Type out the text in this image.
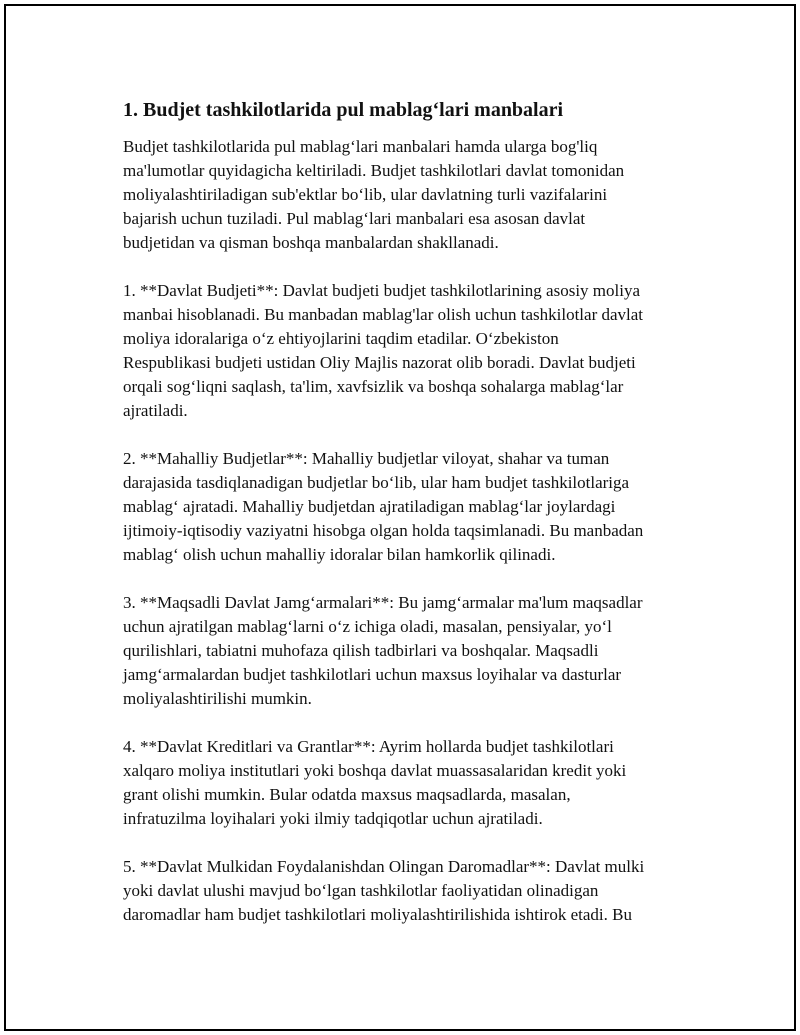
1. Budjet tashkilotlarida pul mablag‘lari manbalari

Budjet tashkilotlarida pul mablag‘lari manbalari hamda ularga bog'liq
ma'lumotlar quyidagicha keltiriladi. Budjet tashkilotlari davlat tomonidan
moliyalashtiriladigan sub'ektlar bo‘lib, ular davlatning turli vazifalarini
bajarish uchun tuziladi. Pul mablag‘lari manbalari esa asosan davlat
budjetidan va qisman boshqa manbalardan shakllanadi.

1. **Davlat Budjeti**: Davlat budjeti budjet tashkilotlarining asosiy moliya
manbai hisoblanadi. Bu manbadan mablag'lar olish uchun tashkilotlar davlat
moliya idoralariga o‘z ehtiyojlarini taqdim etadilar. O‘zbekiston
Respublikasi budjeti ustidan Oliy Majlis nazorat olib boradi. Davlat budjeti
orqali sog‘liqni saqlash, ta'lim, xavfsizlik va boshqa sohalarga mablag‘lar
ajratiladi.

2. **Mahalliy Budjetlar**: Mahalliy budjetlar viloyat, shahar va tuman
darajasida tasdiqlanadigan budjetlar bo‘lib, ular ham budjet tashkilotlariga
mablag‘ ajratadi. Mahalliy budjetdan ajratiladigan mablag‘lar joylardagi
ijtimoiy-iqtisodiy vaziyatni hisobga olgan holda taqsimlanadi. Bu manbadan
mablag‘ olish uchun mahalliy idoralar bilan hamkorlik qilinadi.

3. **Maqsadli Davlat Jamg‘armalari**: Bu jamg‘armalar ma'lum maqsadlar
uchun ajratilgan mablag‘larni o‘z ichiga oladi, masalan, pensiyalar, yo‘l
qurilishlari, tabiatni muhofaza qilish tadbirlari va boshqalar. Maqsadli
jamg‘armalardan budjet tashkilotlari uchun maxsus loyihalar va dasturlar
moliyalashtirilishi mumkin.

4. **Davlat Kreditlari va Grantlar**: Ayrim hollarda budjet tashkilotlari
xalqaro moliya institutlari yoki boshqa davlat muassasalaridan kredit yoki
grant olishi mumkin. Bular odatda maxsus maqsadlarda, masalan,
infratuzilma loyihalari yoki ilmiy tadqiqotlar uchun ajratiladi.

5. **Davlat Mulkidan Foydalanishdan Olingan Daromadlar**: Davlat mulki
yoki davlat ulushi mavjud bo‘lgan tashkilotlar faoliyatidan olinadigan
daromadlar ham budjet tashkilotlari moliyalashtirilishida ishtirok etadi. Bu
